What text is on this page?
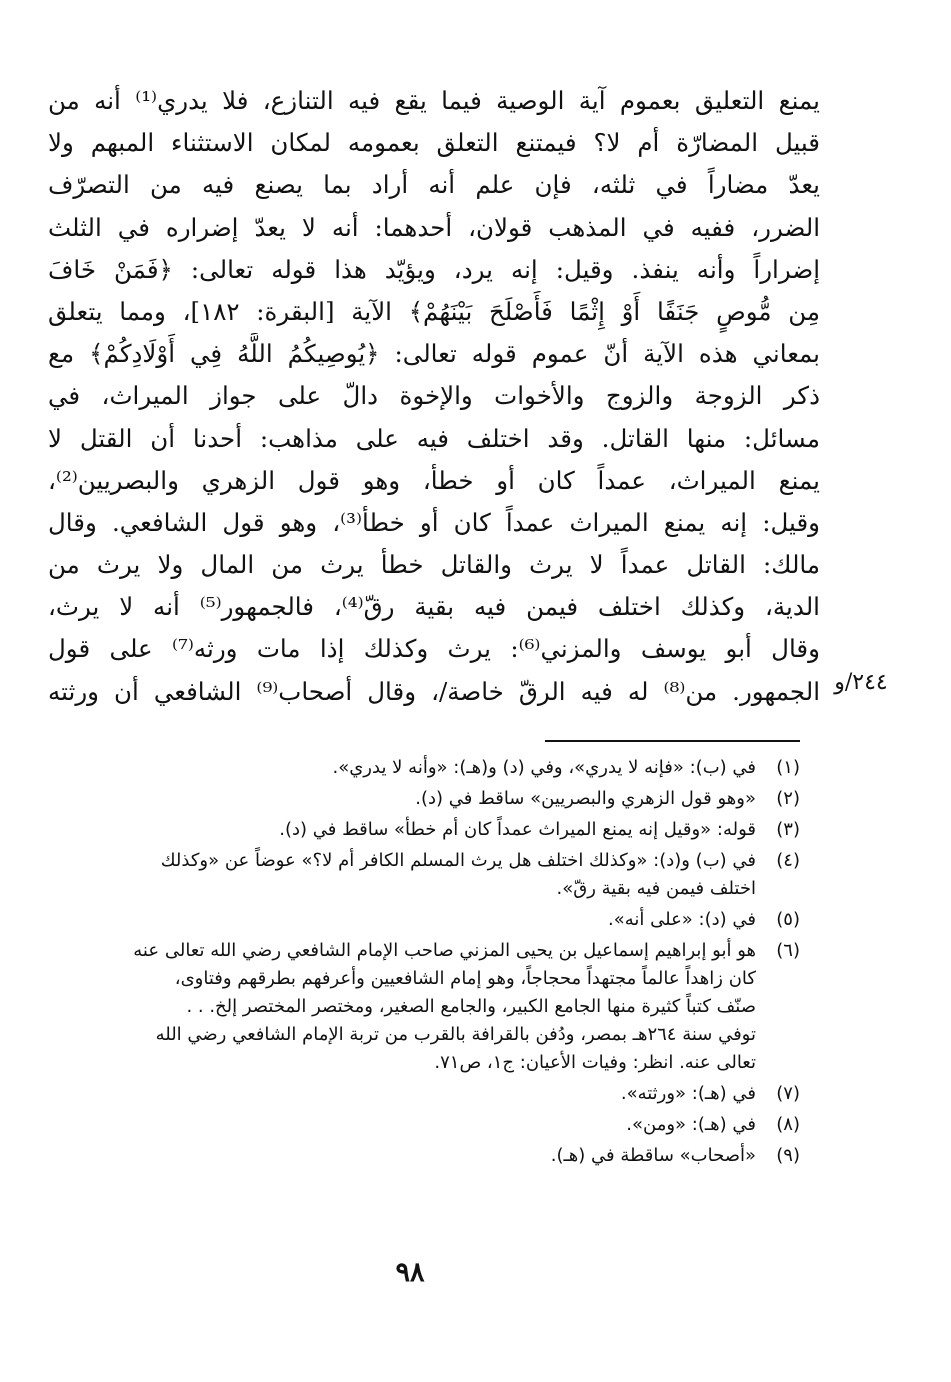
يمنع التعليق بعموم آية الوصية فيما يقع فيه التنازع، فلا يدري⁽¹⁾ أنه من
قبيل المضارّة أم لا؟ فيمتنع التعلق بعمومه لمكان الاستثناء المبهم ولا
يعدّ مضاراً في ثلثه، فإن علم أنه أراد بما يصنع فيه من التصرّف
الضرر، ففيه في المذهب قولان، أحدهما: أنه لا يعدّ إضراره في الثلث
إضراراً وأنه ينفذ. وقيل: إنه يرد، ويؤيّد هذا قوله تعالى: ﴿فَمَنْ خَافَ
مِن مُّوصٍ جَنَفًا أَوْ إِثْمًا فَأَصْلَحَ بَيْنَهُمْ﴾ الآية [البقرة: ١٨٢]، ومما يتعلق
بمعاني هذه الآية أنّ عموم قوله تعالى: ﴿يُوصِيكُمُ اللَّهُ فِي أَوْلَادِكُمْ﴾ مع
ذكر الزوجة والزوج والأخوات والإخوة دالّ على جواز الميراث، في
مسائل: منها القاتل. وقد اختلف فيه على مذاهب: أحدنا أن القتل لا
يمنع الميراث، عمداً كان أو خطأ، وهو قول الزهري والبصريين⁽²⁾،
وقيل: إنه يمنع الميراث عمداً كان أو خطأ⁽³⁾، وهو قول الشافعي. وقال
مالك: القاتل عمداً لا يرث والقاتل خطأ يرث من المال ولا يرث من
الدية، وكذلك اختلف فيمن فيه بقية رقّ⁽⁴⁾، فالجمهور⁽⁵⁾ أنه لا يرث،
وقال أبو يوسف والمزني⁽⁶⁾: يرث وكذلك إذا مات ورثه⁽⁷⁾ على قول
الجمهور. من⁽⁸⁾ له فيه الرقّ خاصة/، وقال أصحاب⁽⁹⁾ الشافعي أن ورثته ٢٤٤/و
(١)
في (ب): «فإنه لا يدري»، وفي (د) و(هـ): «وأنه لا يدري».
(٢)
«وهو قول الزهري والبصريين» ساقط في (د).
(٣)
قوله: «وقيل إنه يمنع الميراث عمداً كان أم خطأ» ساقط في (د).
(٤)
في (ب) و(د): «وكذلك اختلف هل يرث المسلم الكافر أم لا؟» عوضاً عن «وكذلك
اختلف فيمن فيه بقية رقّ».
(٥)
في (د): «على أنه».
(٦)
هو أبو إبراهيم إسماعيل بن يحيى المزني صاحب الإمام الشافعي رضي الله تعالى عنه
كان زاهداً عالماً مجتهداً محجاجاً، وهو إمام الشافعيين وأعرفهم بطرقهم وفتاوى،
صنّف كتباً كثيرة منها الجامع الكبير، والجامع الصغير، ومختصر المختصر إلخ. . .
توفي سنة ٢٦٤هـ بمصر، ودُفن بالقرافة بالقرب من تربة الإمام الشافعي رضي الله
تعالى عنه. انظر: وفيات الأعيان: ج١، ص٧١.
(٧)
في (هـ): «ورثته».
(٨)
في (هـ): «ومن».
(٩)
«أصحاب» ساقطة في (هـ).
٩٨
